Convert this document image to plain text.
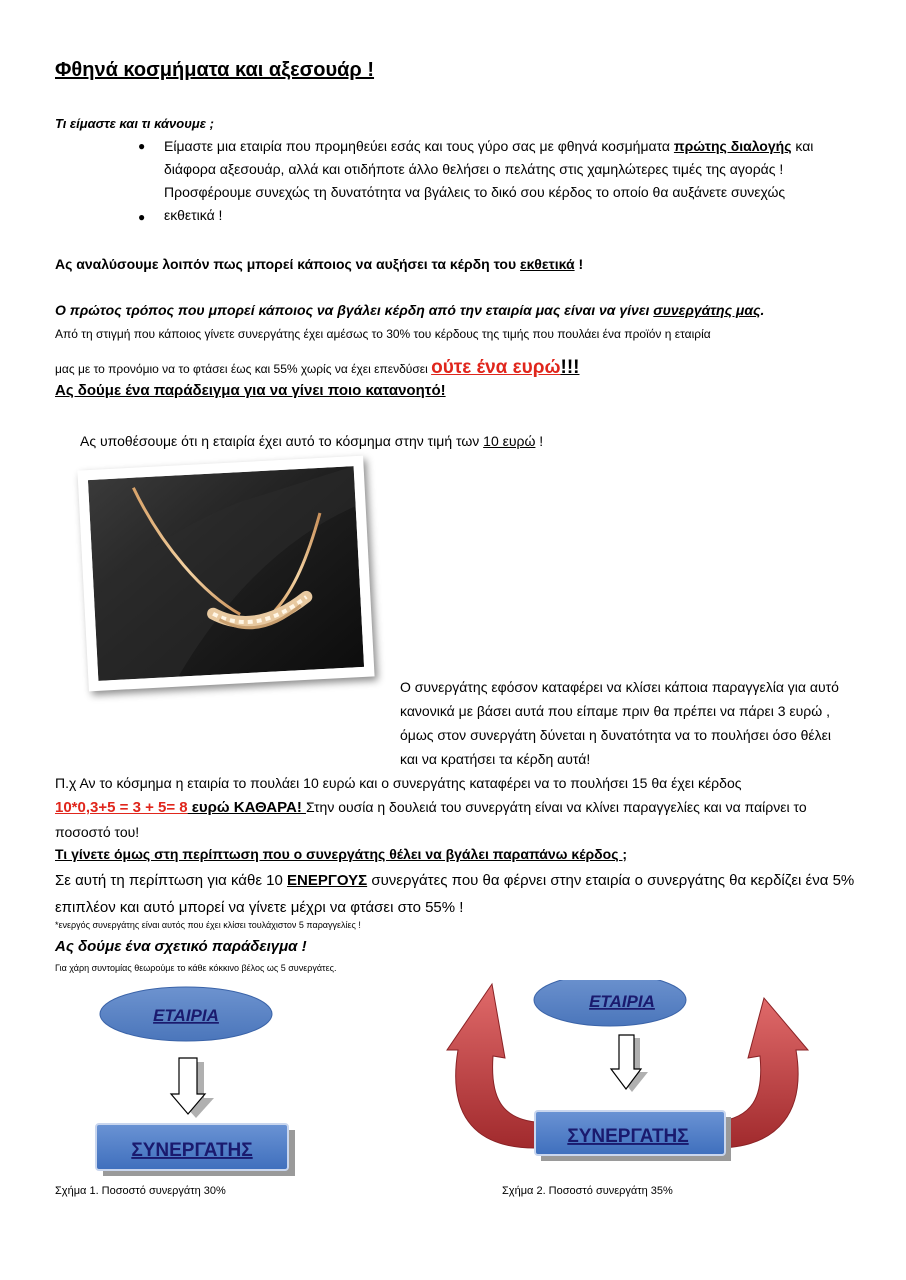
Φθηνά κοσμήματα και αξεσουάρ !
Τι είμαστε και τι κάνουμε ;
●
●

Είμαστε μια εταιρία που προμηθεύει εσάς και τους γύρο σας με φθηνά κοσμήματα πρώτης διαλογής και διάφορα αξεσουάρ, αλλά και οτιδήποτε άλλο θελήσει ο πελάτης στις χαμηλώτερες τιμές της αγοράς !

Προσφέρουμε συνεχώς τη δυνατότητα να βγάλεις το δικό σου κέρδος το οποίο θα αυξάνετε συνεχώς εκθετικά !

Ας αναλύσουμε λοιπόν πως μπορεί κάποιος να αυξήσει τα κέρδη του εκθετικά !
Ο πρώτος τρόπος που μπορεί κάποιος να βγάλει κέρδη από την εταιρία μας είναι να γίνει συνεργάτης μας.
Από τη στιγμή που κάποιος γίνετε συνεργάτης έχει αμέσως το 30% του κέρδους της τιμής που πουλάει ένα προϊόν η εταιρία
μας με το προνόμιο να το φτάσει έως και 55% χωρίς να έχει επενδύσει ούτε ένα ευρώ!!!
Ας δούμε ένα παράδειγμα για να γίνει ποιο κατανοητό!
Ας υποθέσουμε ότι η εταιρία έχει αυτό το κόσμημα στην τιμή των 10 ευρώ !
Ο συνεργάτης εφόσον καταφέρει να κλίσει κάποια παραγγελία για αυτό κανονικά με βάσει αυτά που είπαμε πριν θα πρέπει να πάρει 3 ευρώ , όμως στον συνεργάτη δύνεται η δυνατότητα να το πουλήσει όσο θέλει και να κρατήσει τα κέρδη αυτά!
Π.χ Αν το κόσμημα η εταιρία το πουλάει 10 ευρώ και ο συνεργάτης καταφέρει να το πουλήσει 15 θα έχει κέρδος
10*0,3+5 = 3 + 5= 8 ευρώ ΚΑΘΑΡΑ! Στην ουσία η δουλειά του συνεργάτη είναι να κλίνει παραγγελίες και να παίρνει το ποσοστό του!
Τι γίνετε όμως στη περίπτωση που ο συνεργάτης θέλει να βγάλει παραπάνω κέρδος ;
Σε αυτή τη περίπτωση για κάθε 10 ΕΝΕΡΓΟΥΣ συνεργάτες που θα φέρνει στην εταιρία ο συνεργάτης θα κερδίζει ένα 5% επιπλέον και αυτό μπορεί να γίνετε μέχρι να φτάσει στο 55% !
*ενεργός συνεργάτης είναι αυτός που έχει κλίσει τουλάχιστον 5 παραγγελίες !
Ας δούμε ένα σχετικό παράδειγμα !
Για χάρη συντομίας θεωρούμε το κάθε κόκκινο βέλος ως 5 συνεργάτες.
ΕΤΑΙΡΙΑ
ΣΥΝΕΡΓΑΤΗΣ
ΕΤΑΙΡΙΑ
ΣΥΝΕΡΓΑΤΗΣ
Σχήμα 1. Ποσοστό συνεργάτη 30%	Σχήμα 2. Ποσοστό συνεργάτη 35%
